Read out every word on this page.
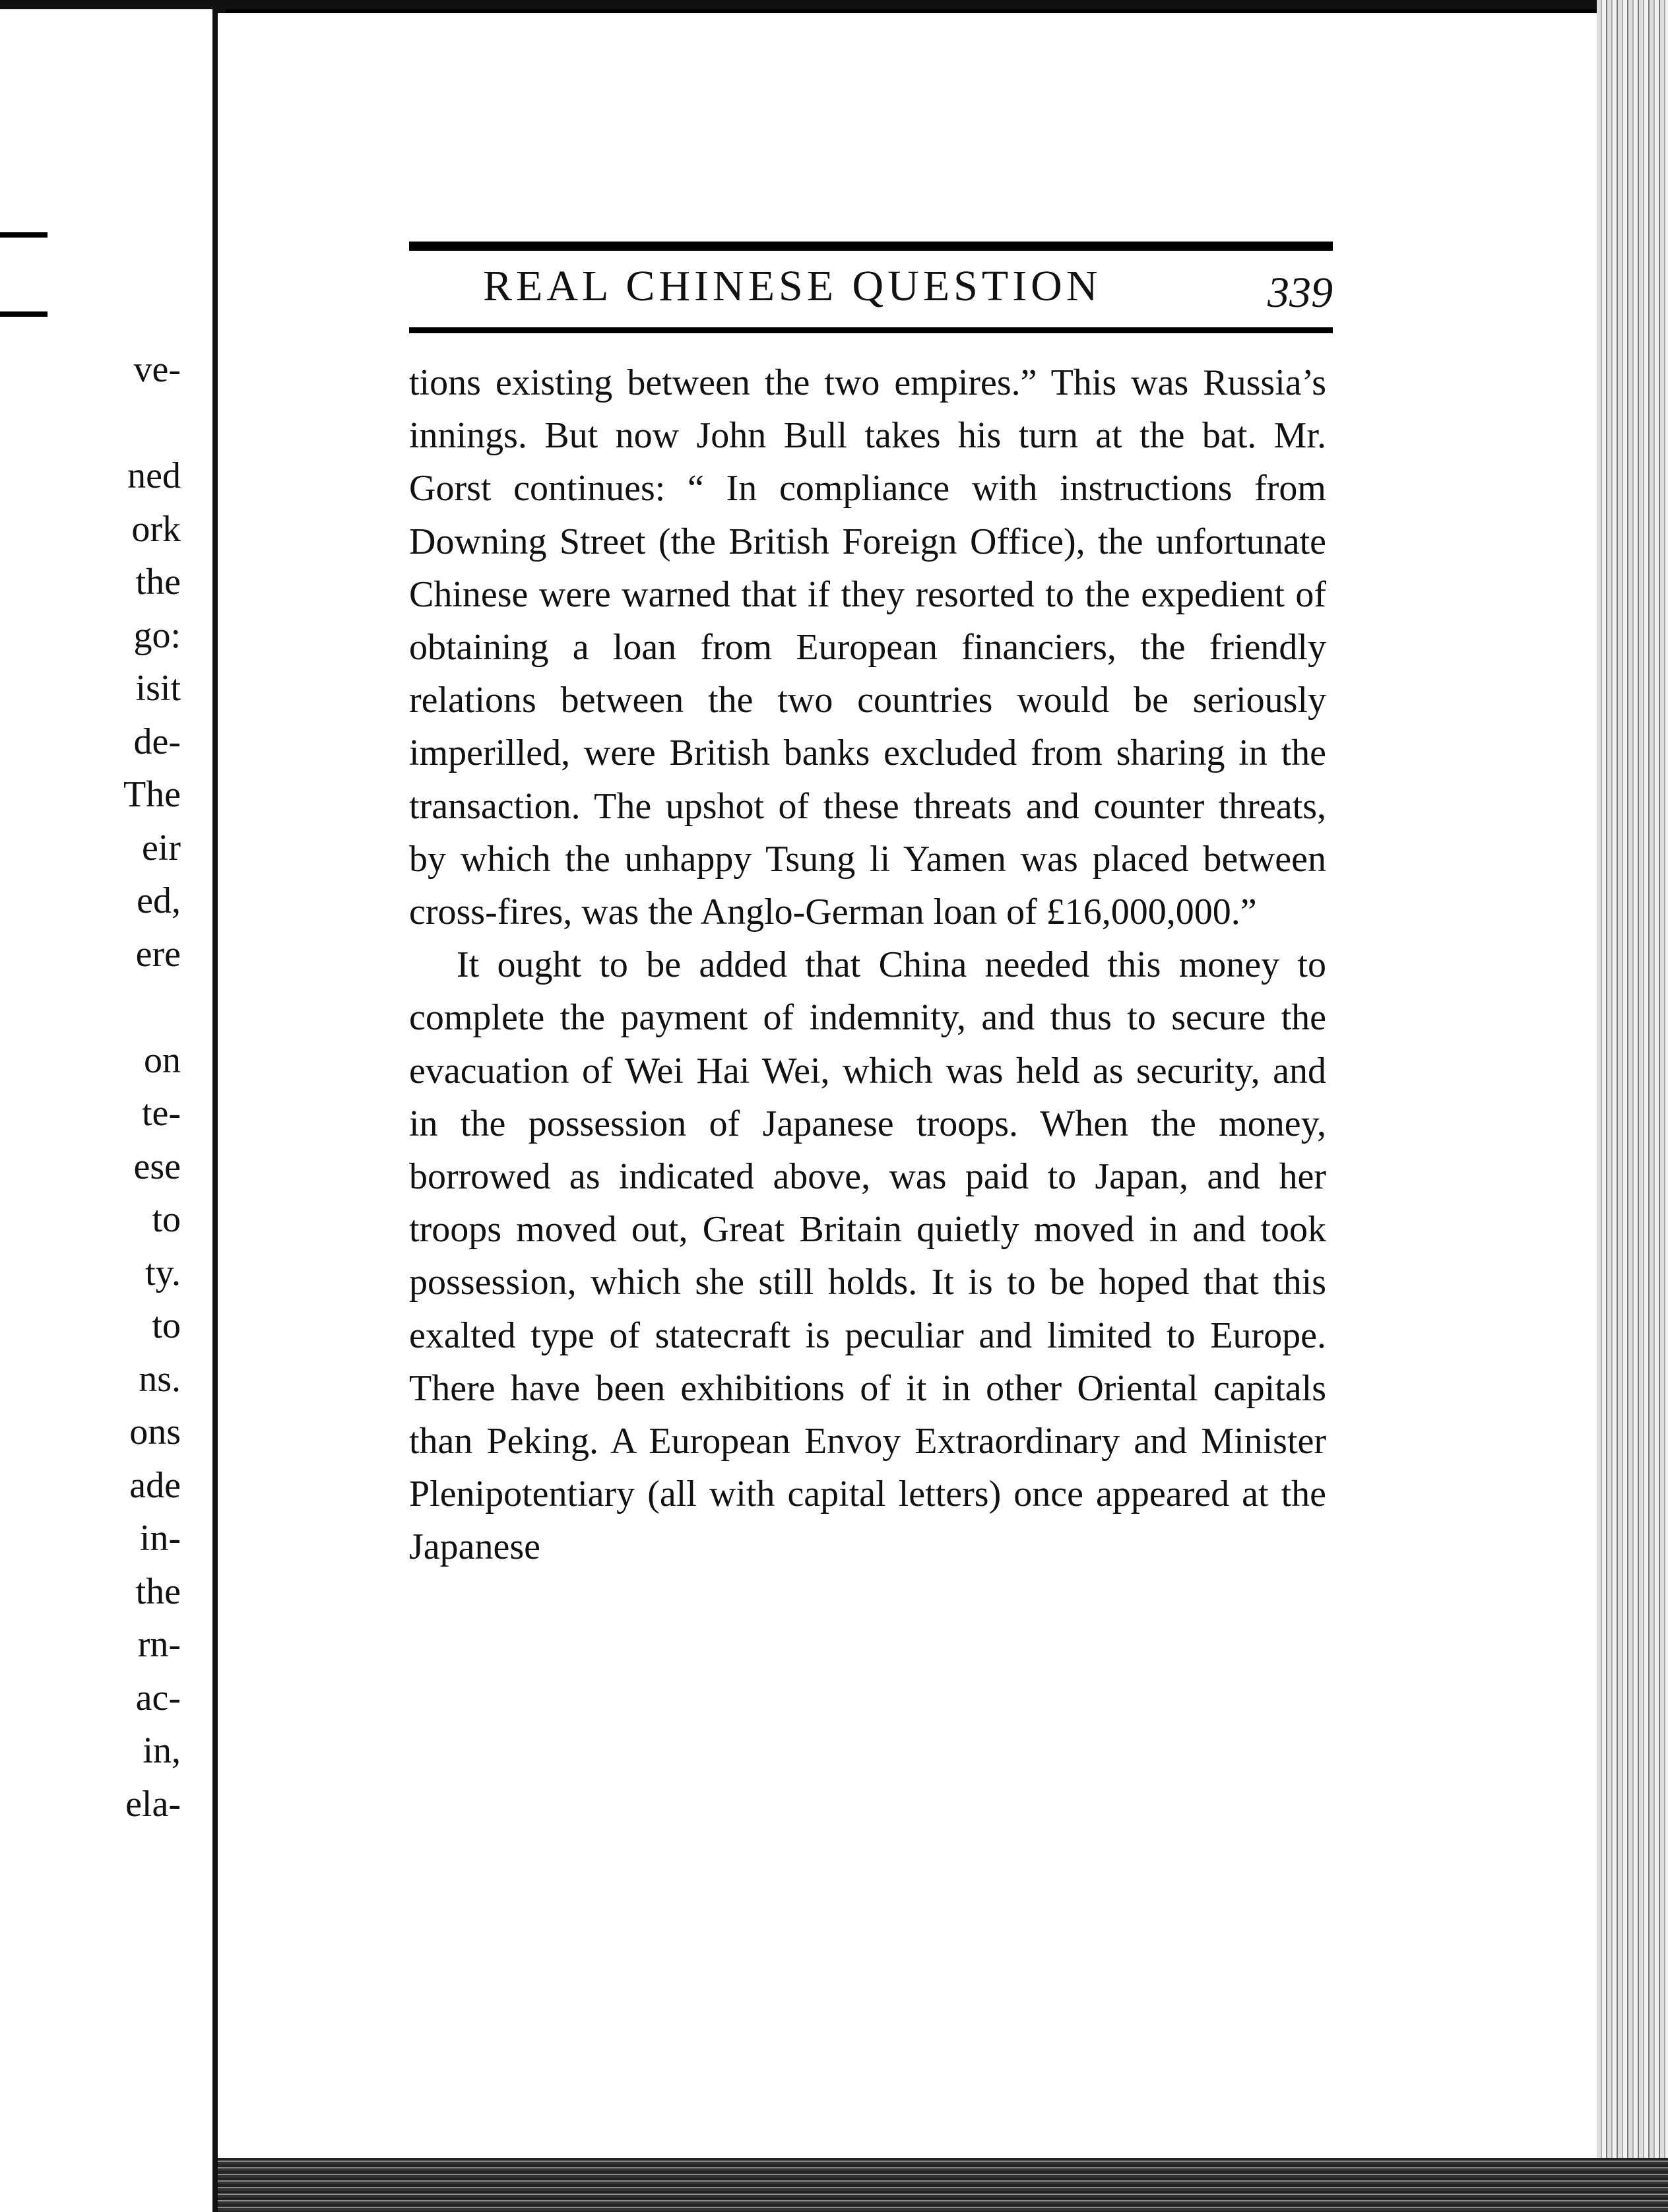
ve-
ned
ork
the
go:
isit
de-
The
eir
ed,
ere
on
te-
ese
to
ty.
to
ns.
ons
ade
in-
the
rn-
ac-
in,
ela-
REAL CHINESE QUESTION	339

tions existing between the two empires.” This was Russia’s innings. But now John Bull takes his turn at the bat. Mr. Gorst continues: “ In compliance with instructions from Downing Street (the British Foreign Office), the unfortunate Chinese were warned that if they resorted to the expedient of obtaining a loan from European financiers, the friendly relations between the two countries would be seriously imperilled, were British banks excluded from sharing in the transaction. The upshot of these threats and counter threats, by which the unhappy Tsung li Yamen was placed between cross-fires, was the Anglo-German loan of £16,000,000.”

It ought to be added that China needed this money to complete the payment of indemnity, and thus to secure the evacuation of Wei Hai Wei, which was held as security, and in the possession of Japanese troops. When the money, borrowed as indicated above, was paid to Japan, and her troops moved out, Great Britain quietly moved in and took possession, which she still holds. It is to be hoped that this exalted type of statecraft is peculiar and limited to Europe. There have been exhibitions of it in other Oriental capitals than Peking. A European Envoy Extraordinary and Minister Plenipotentiary (all with capital letters) once appeared at the Japanese
